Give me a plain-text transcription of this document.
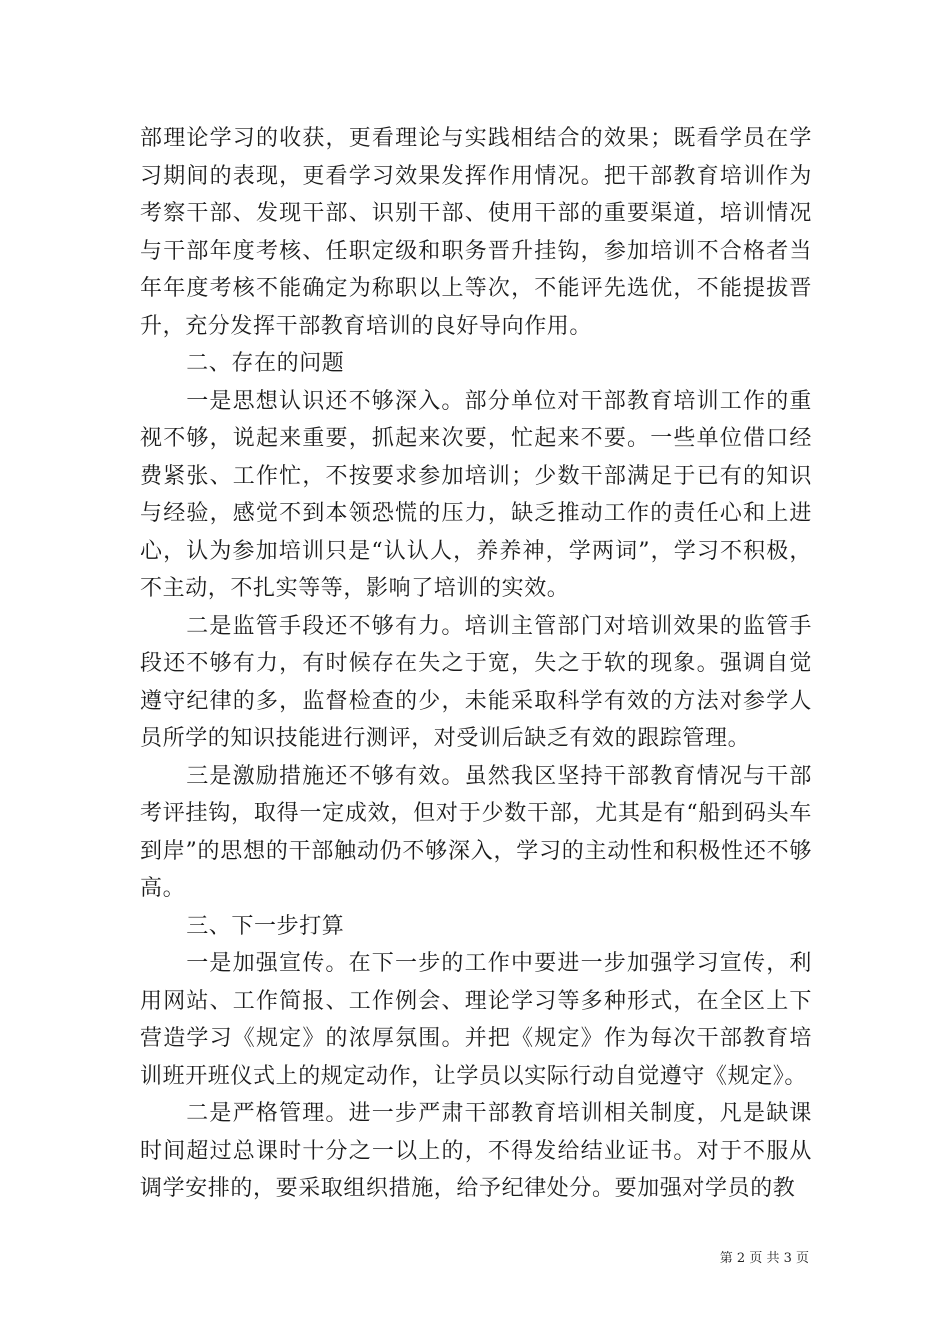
部理论学习的收获，更看理论与实践相结合的效果；既看学员在学习期间的表现，更看学习效果发挥作用情况。把干部教育培训作为考察干部、发现干部、识别干部、使用干部的重要渠道，培训情况与干部年度考核、任职定级和职务晋升挂钩，参加培训不合格者当年年度考核不能确定为称职以上等次，不能评先选优，不能提拔晋升，充分发挥干部教育培训的良好导向作用。

二、存在的问题

一是思想认识还不够深入。部分单位对干部教育培训工作的重视不够，说起来重要，抓起来次要，忙起来不要。一些单位借口经费紧张、工作忙，不按要求参加培训；少数干部满足于已有的知识与经验，感觉不到本领恐慌的压力，缺乏推动工作的责任心和上进心，认为参加培训只是“认认人，养养神，学两词”，学习不积极，不主动，不扎实等等，影响了培训的实效。

二是监管手段还不够有力。培训主管部门对培训效果的监管手段还不够有力，有时候存在失之于宽，失之于软的现象。强调自觉遵守纪律的多，监督检查的少，未能采取科学有效的方法对参学人员所学的知识技能进行测评，对受训后缺乏有效的跟踪管理。

三是激励措施还不够有效。虽然我区坚持干部教育情况与干部考评挂钩，取得一定成效，但对于少数干部，尤其是有“船到码头车到岸”的思想的干部触动仍不够深入，学习的主动性和积极性还不够高。

三、下一步打算

一是加强宣传。在下一步的工作中要进一步加强学习宣传，利用网站、工作简报、工作例会、理论学习等多种形式，在全区上下营造学习《规定》的浓厚氛围。并把《规定》作为每次干部教育培训班开班仪式上的规定动作，让学员以实际行动自觉遵守《规定》。

二是严格管理。进一步严肃干部教育培训相关制度，凡是缺课时间超过总课时十分之一以上的，不得发给结业证书。对于不服从调学安排的，要采取组织措施，给予纪律处分。要加强对学员的教

第 2 页 共 3 页
